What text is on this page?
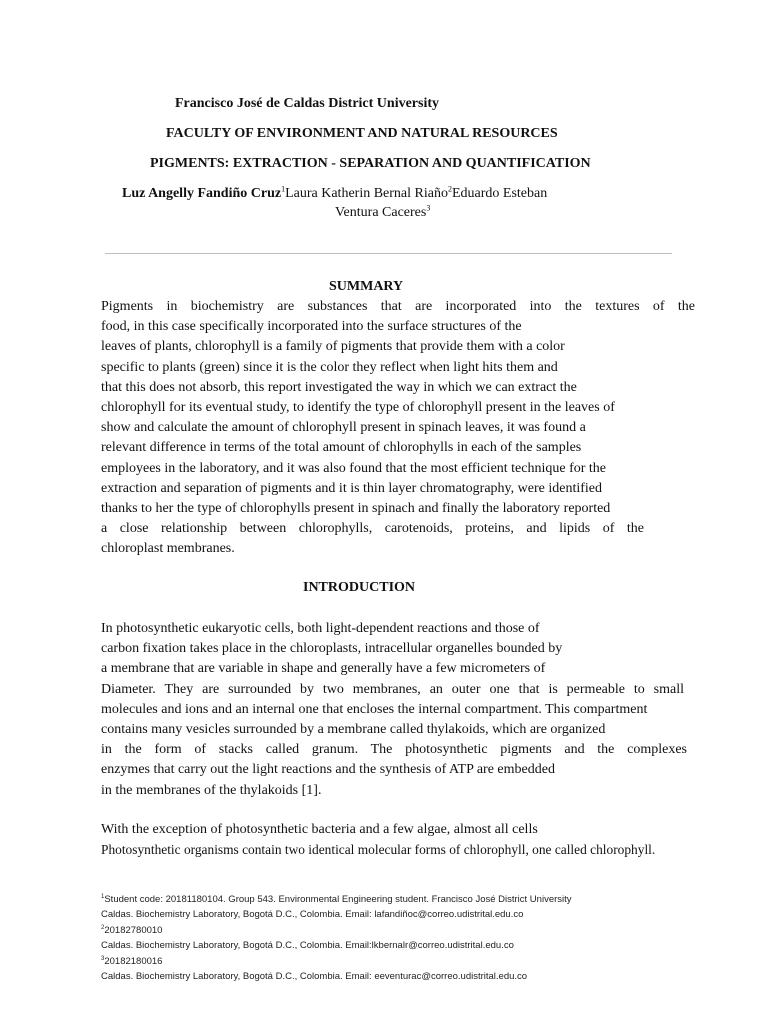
Francisco José de Caldas District University
FACULTY OF ENVIRONMENT AND NATURAL RESOURCES
PIGMENTS: EXTRACTION - SEPARATION AND QUANTIFICATION
Luz Angelly Fandiño Cruz$^1$Laura Katherin Bernal Riaño$^2$Eduardo Esteban
Ventura Caceres$^3$
SUMMARY
Pigments in biochemistry are substances that are incorporated into the textures of the
food, in this case specifically incorporated into the surface structures of the
leaves of plants, chlorophyll is a family of pigments that provide them with a color
specific to plants (green) since it is the color they reflect when light hits them and
that this does not absorb, this report investigated the way in which we can extract the
chlorophyll for its eventual study, to identify the type of chlorophyll present in the leaves of
show and calculate the amount of chlorophyll present in spinach leaves, it was found a
relevant difference in terms of the total amount of chlorophylls in each of the samples
employees in the laboratory, and it was also found that the most efficient technique for the
extraction and separation of pigments and it is thin layer chromatography, were identified
thanks to her the type of chlorophylls present in spinach and finally the laboratory reported
a close relationship between chlorophylls, carotenoids, proteins, and lipids of the
chloroplast membranes.
INTRODUCTION
In photosynthetic eukaryotic cells, both light-dependent reactions and those of
carbon fixation takes place in the chloroplasts, intracellular organelles bounded by
a membrane that are variable in shape and generally have a few micrometers of
Diameter. They are surrounded by two membranes, an outer one that is permeable to small
molecules and ions and an internal one that encloses the internal compartment. This compartment
contains many vesicles surrounded by a membrane called thylakoids, which are organized
in the form of stacks called granum. The photosynthetic pigments and the complexes
enzymes that carry out the light reactions and the synthesis of ATP are embedded
in the membranes of the thylakoids [1].
With the exception of photosynthetic bacteria and a few algae, almost all cells
Photosynthetic organisms contain two identical molecular forms of chlorophyll, one called chlorophyll.
$^1$Student code: 20181180104. Group 543. Environmental Engineering student. Francisco José District University
Caldas. Biochemistry Laboratory, Bogotá D.C., Colombia. Email: lafandiñoc@correo.udistrital.edu.co
$^2$20182780010
Caldas. Biochemistry Laboratory, Bogotá D.C., Colombia. Email:lkbernalr@correo.udistrital.edu.co
$^3$20182180016
Caldas. Biochemistry Laboratory, Bogotá D.C., Colombia. Email: eeventurac@correo.udistrital.edu.co
